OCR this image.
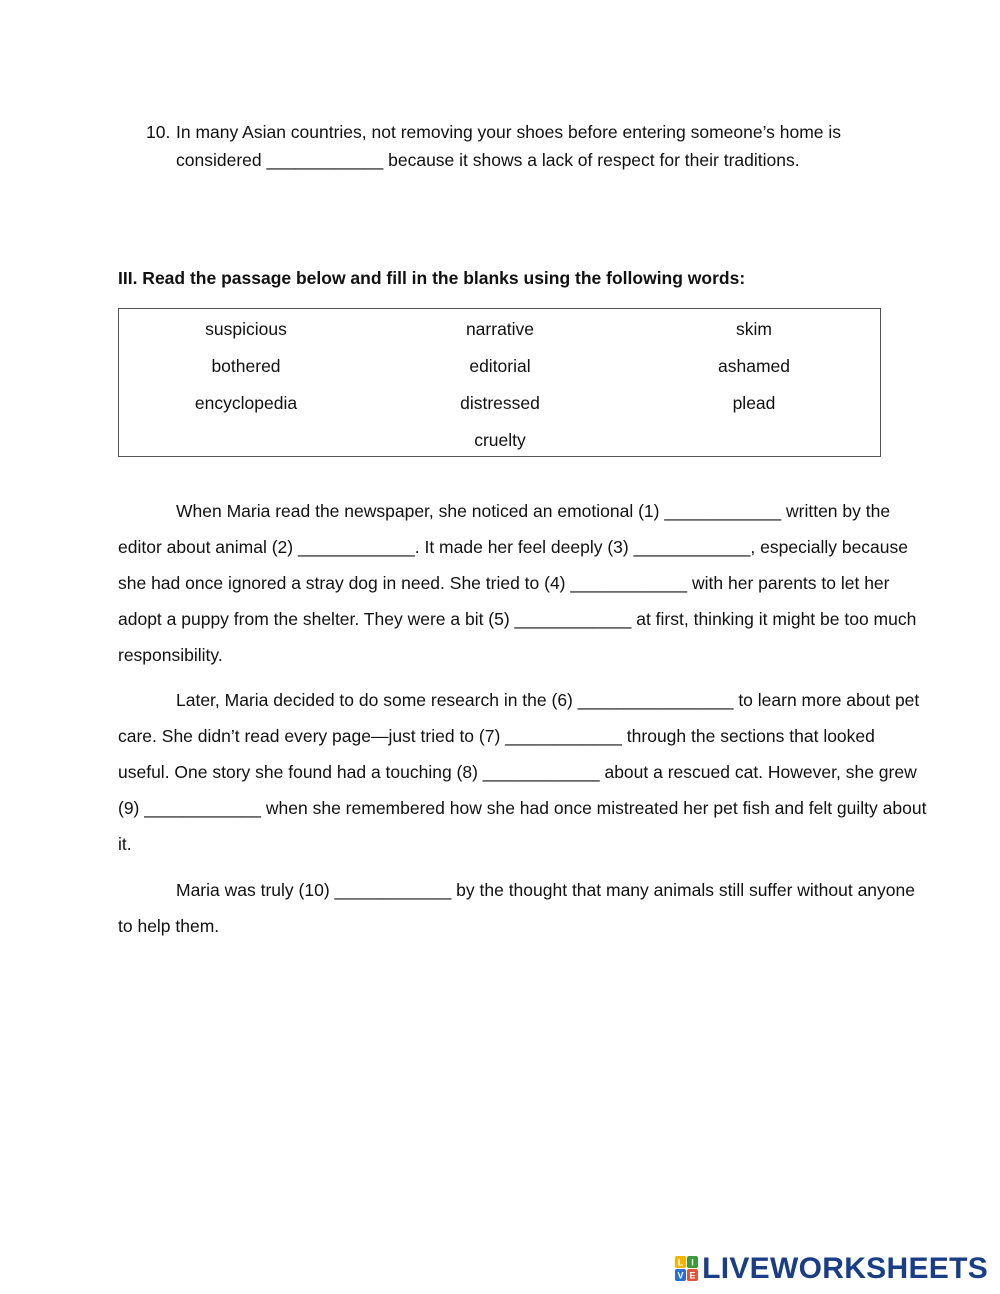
10. In many Asian countries, not removing your shoes before entering someone’s home is considered ____________ because it shows a lack of respect for their traditions.
III. Read the passage below and fill in the blanks using the following words:
suspicious	narrative	skim
bothered	editorial	ashamed
encyclopedia	distressed	plead
cruelty

When Maria read the newspaper, she noticed an emotional (1) ____________ written by the editor about animal (2) ____________. It made her feel deeply (3) ____________, especially because she had once ignored a stray dog in need. She tried to (4) ____________ with her parents to let her adopt a puppy from the shelter. They were a bit (5) ____________ at first, thinking it might be too much responsibility.

Later, Maria decided to do some research in the (6) ________________ to learn more about pet care. She didn’t read every page—just tried to (7) ____________ through the sections that looked useful. One story she found had a touching (8) ____________ about a rescued cat. However, she grew (9) ____________ when she remembered how she had once mistreated her pet fish and felt guilty about it.

Maria was truly (10) ____________ by the thought that many animals still suffer without anyone to help them.

L I
V E LIVEWORKSHEETS
